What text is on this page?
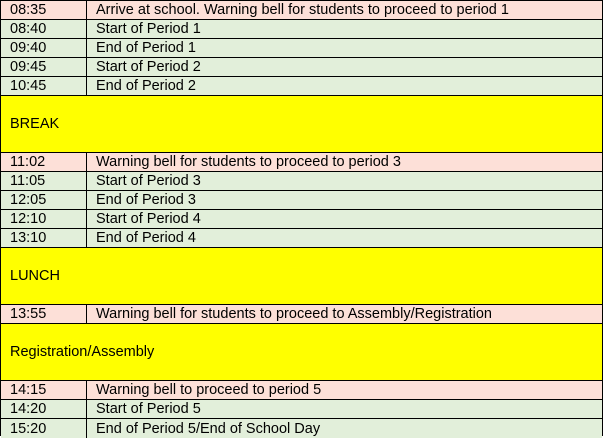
08:35	Arrive at school. Warning bell for students to proceed to period 1
08:40	Start of Period 1
09:40	End of Period 1
09:45	Start of Period 2
10:45	End of Period 2
BREAK
11:02	Warning bell for students to proceed to period 3
11:05	Start of Period 3
12:05	End of Period 3
12:10	Start of Period 4
13:10	End of Period 4
LUNCH
13:55	Warning bell for students to proceed to Assembly/Registration
Registration/Assembly
14:15	Warning bell to proceed to period 5
14:20	Start of Period 5
15:20	End of Period 5/End of School Day
